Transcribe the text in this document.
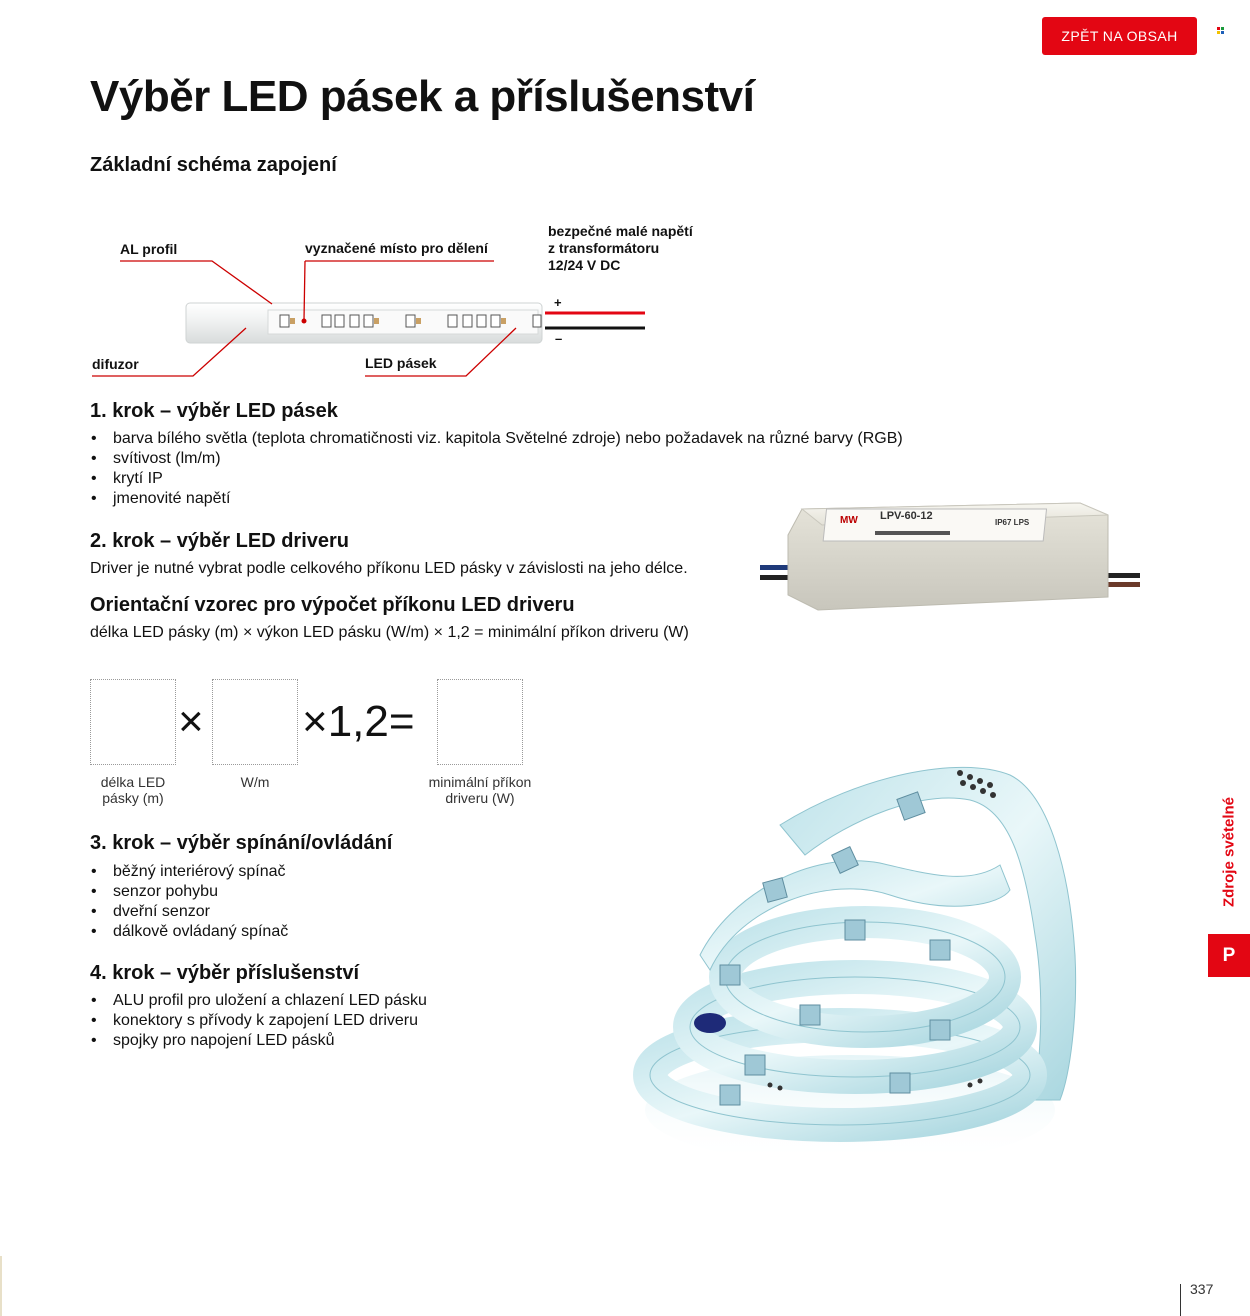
ZPĚT NA OBSAH
Výběr LED pásek a příslušenství
Základní schéma zapojení
AL profil	vyznačené místo pro dělení
bezpečné malé napětí
z transformátoru
12/24 V DC
+
–
difuzor	LED pásek
1. krok – výběr LED pásek
• barva bílého světla (teplota chromatičnosti viz. kapitola Světelné zdroje) nebo požadavek na různé barvy (RGB)
• svítivost (lm/m)
• krytí IP
• jmenovité napětí
2. krok – výběr LED driveru
Driver je nutné vybrat podle celkového příkonu LED pásky v závislosti na jeho délce.
MW LPV-60-12
IP67 LPS
Orientační vzorec pro výpočet příkonu LED driveru
délka LED pásky (m) × výkon LED pásku (W/m) × 1,2 = minimální příkon driveru (W)
× ×1,2=
délka LED
pásky (m)
W/m	minimální příkon
driveru (W)
3. krok – výběr spínání/ovládání
• běžný interiérový spínač
• senzor pohybu
• dveřní senzor
• dálkově ovládaný spínač
4. krok – výběr příslušenství
• ALU profil pro uložení a chlazení LED pásku
• konektory s přívody k zapojení LED driveru
• spojky pro napojení LED pásků
Zdroje světelné
P
337
